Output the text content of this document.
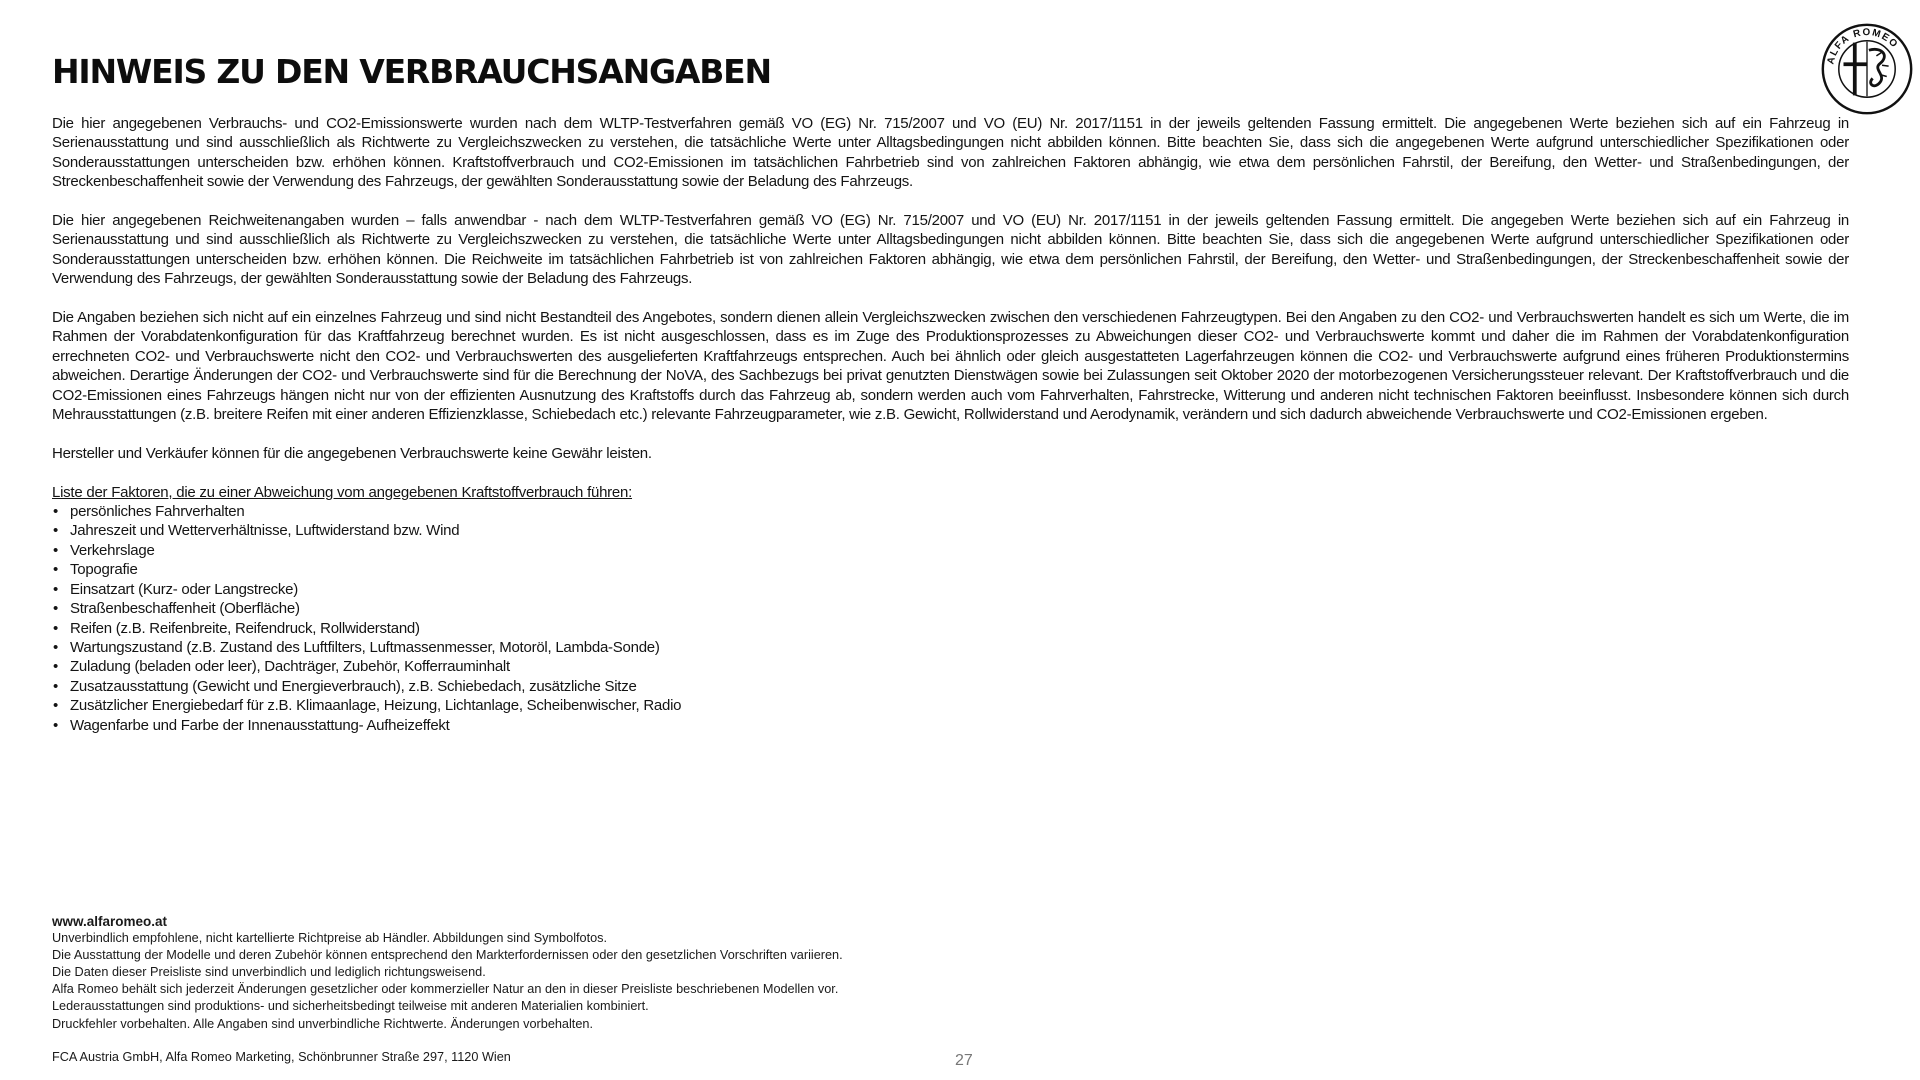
HINWEIS ZU DEN VERBRAUCHSANGABEN	ALFA ROMEO

Die hier angegebenen Verbrauchs- und CO2-Emissionswerte wurden nach dem WLTP-Testverfahren gemäß VO (EG) Nr. 715/2007 und VO (EU) Nr. 2017/1151 in der jeweils geltenden Fassung ermittelt. Die angegebenen Werte beziehen sich auf ein Fahrzeug in Serienausstattung und sind ausschließlich als Richtwerte zu Vergleichszwecken zu verstehen, die tatsächliche Werte unter Alltagsbedingungen nicht abbilden können. Bitte beachten Sie, dass sich die angegebenen Werte aufgrund unterschiedlicher Spezifikationen oder Sonderausstattungen unterscheiden bzw. erhöhen können. Kraftstoffverbrauch und CO2-Emissionen im tatsächlichen Fahrbetrieb sind von zahlreichen Faktoren abhängig, wie etwa dem persönlichen Fahrstil, der Bereifung, den Wetter- und Straßenbedingungen, der Streckenbeschaffenheit sowie der Verwendung des Fahrzeugs, der gewählten Sonderausstattung sowie der Beladung des Fahrzeugs.

Die hier angegebenen Reichweitenangaben wurden – falls anwendbar - nach dem WLTP-Testverfahren gemäß VO (EG) Nr. 715/2007 und VO (EU) Nr. 2017/1151 in der jeweils geltenden Fassung ermittelt. Die angegeben Werte beziehen sich auf ein Fahrzeug in Serienausstattung und sind ausschließlich als Richtwerte zu Vergleichszwecken zu verstehen, die tatsächliche Werte unter Alltagsbedingungen nicht abbilden können. Bitte beachten Sie, dass sich die angegebenen Werte aufgrund unterschiedlicher Spezifikationen oder Sonderausstattungen unterscheiden bzw. erhöhen können. Die Reichweite im tatsächlichen Fahrbetrieb ist von zahlreichen Faktoren abhängig, wie etwa dem persönlichen Fahrstil, der Bereifung, den Wetter- und Straßenbedingungen, der Streckenbeschaffenheit sowie der Verwendung des Fahrzeugs, der gewählten Sonderausstattung sowie der Beladung des Fahrzeugs.

Die Angaben beziehen sich nicht auf ein einzelnes Fahrzeug und sind nicht Bestandteil des Angebotes, sondern dienen allein Vergleichszwecken zwischen den verschiedenen Fahrzeugtypen. Bei den Angaben zu den CO2- und Verbrauchswerten handelt es sich um Werte, die im Rahmen der Vorabdatenkonfiguration für das Kraftfahrzeug berechnet wurden. Es ist nicht ausgeschlossen, dass es im Zuge des Produktionsprozesses zu Abweichungen dieser CO2- und Verbrauchswerte kommt und daher die im Rahmen der Vorabdatenkonfiguration errechneten CO2- und Verbrauchswerte nicht den CO2- und Verbrauchswerten des ausgelieferten Kraftfahrzeugs entsprechen. Auch bei ähnlich oder gleich ausgestatteten Lagerfahrzeugen können die CO2- und Verbrauchswerte aufgrund eines früheren Produktionstermins abweichen. Derartige Änderungen der CO2- und Verbrauchswerte sind für die Berechnung der NoVA, des Sachbezugs bei privat genutzten Dienstwägen sowie bei Zulassungen seit Oktober 2020 der motorbezogenen Versicherungssteuer relevant. Der Kraftstoffverbrauch und die CO2-Emissionen eines Fahrzeugs hängen nicht nur von der effizienten Ausnutzung des Kraftstoffs durch das Fahrzeug ab, sondern werden auch vom Fahrverhalten, Fahrstrecke, Witterung und anderen nicht technischen Faktoren beeinflusst. Insbesondere können sich durch Mehrausstattungen (z.B. breitere Reifen mit einer anderen Effizienzklasse, Schiebedach etc.) relevante Fahrzeugparameter, wie z.B. Gewicht, Rollwiderstand und Aerodynamik, verändern und sich dadurch abweichende Verbrauchswerte und CO2-Emissionen ergeben.

Hersteller und Verkäufer können für die angegebenen Verbrauchswerte keine Gewähr leisten.

Liste der Faktoren, die zu einer Abweichung vom angegebenen Kraftstoffverbrauch führen:

• persönliches Fahrverhalten
• Jahreszeit und Wetterverhältnisse, Luftwiderstand bzw. Wind
• Verkehrslage
• Topografie
• Einsatzart (Kurz- oder Langstrecke)
• Straßenbeschaffenheit (Oberfläche)
• Reifen (z.B. Reifenbreite, Reifendruck, Rollwiderstand)
• Wartungszustand (z.B. Zustand des Luftfilters, Luftmassenmesser, Motoröl, Lambda-Sonde)
• Zuladung (beladen oder leer), Dachträger, Zubehör, Kofferrauminhalt
• Zusatzausstattung (Gewicht und Energieverbrauch), z.B. Schiebedach, zusätzliche Sitze
• Zusätzlicher Energiebedarf für z.B. Klimaanlage, Heizung, Lichtanlage, Scheibenwischer, Radio
• Wagenfarbe und Farbe der Innenausstattung- Aufheizeffekt
www.alfaromeo.at
Unverbindlich empfohlene, nicht kartellierte Richtpreise ab Händler. Abbildungen sind Symbolfotos.
Die Ausstattung der Modelle und deren Zubehör können entsprechend den Markterfordernissen oder den gesetzlichen Vorschriften variieren.
Die Daten dieser Preisliste sind unverbindlich und lediglich richtungsweisend.
Alfa Romeo behält sich jederzeit Änderungen gesetzlicher oder kommerzieller Natur an den in dieser Preisliste beschriebenen Modellen vor.
Lederausstattungen sind produktions- und sicherheitsbedingt teilweise mit anderen Materialien kombiniert.
Druckfehler vorbehalten. Alle Angaben sind unverbindliche Richtwerte. Änderungen vorbehalten.
FCA Austria GmbH, Alfa Romeo Marketing, Schönbrunner Straße 297, 1120 Wien	27
